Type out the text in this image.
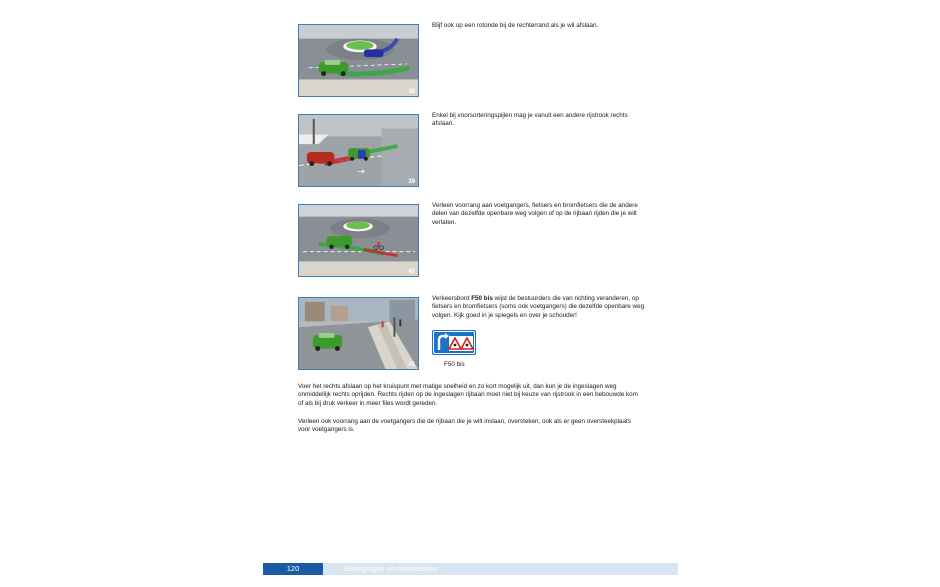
38

Blijf ook op een rotonde bij de rechterrand als je wil afslaan.

39

Enkel bij voorsorteringspijlen mag je vanuit een andere rijstrook rechts afslaan.

40

Verleen voorrang aan voetgangers, fietsers en bromfietsers die de andere delen van dezelfde openbare weg volgen of op de rijbaan rijden die je wilt verlaten.

41

Verkeersbord F50 bis wijst de bestuurders die van richting veranderen, op fietsers en bromfietsers (soms ook voetgangers) die dezelfde openbare weg volgen. Kijk goed in je spiegels en over je schouder!

F50 bis

Voer het rechts afslaan op het kruispunt met matige snelheid en zo kort mogelijk uit, dan kun je de ingeslagen weg onmiddellijk rechts oprijden. Rechts rijden op de ingeslagen rijbaan moet niet bij keuze van rijstrook in een bebouwde kom of als bij druk verkeer in meer files wordt gereden.

Verleen ook voorrang aan de voetgangers die de rijbaan die je wilt inslaan, oversteken, ook als er geen oversteekplaats voor voetgangers is.

120	Bewegingen en manoeuvres
